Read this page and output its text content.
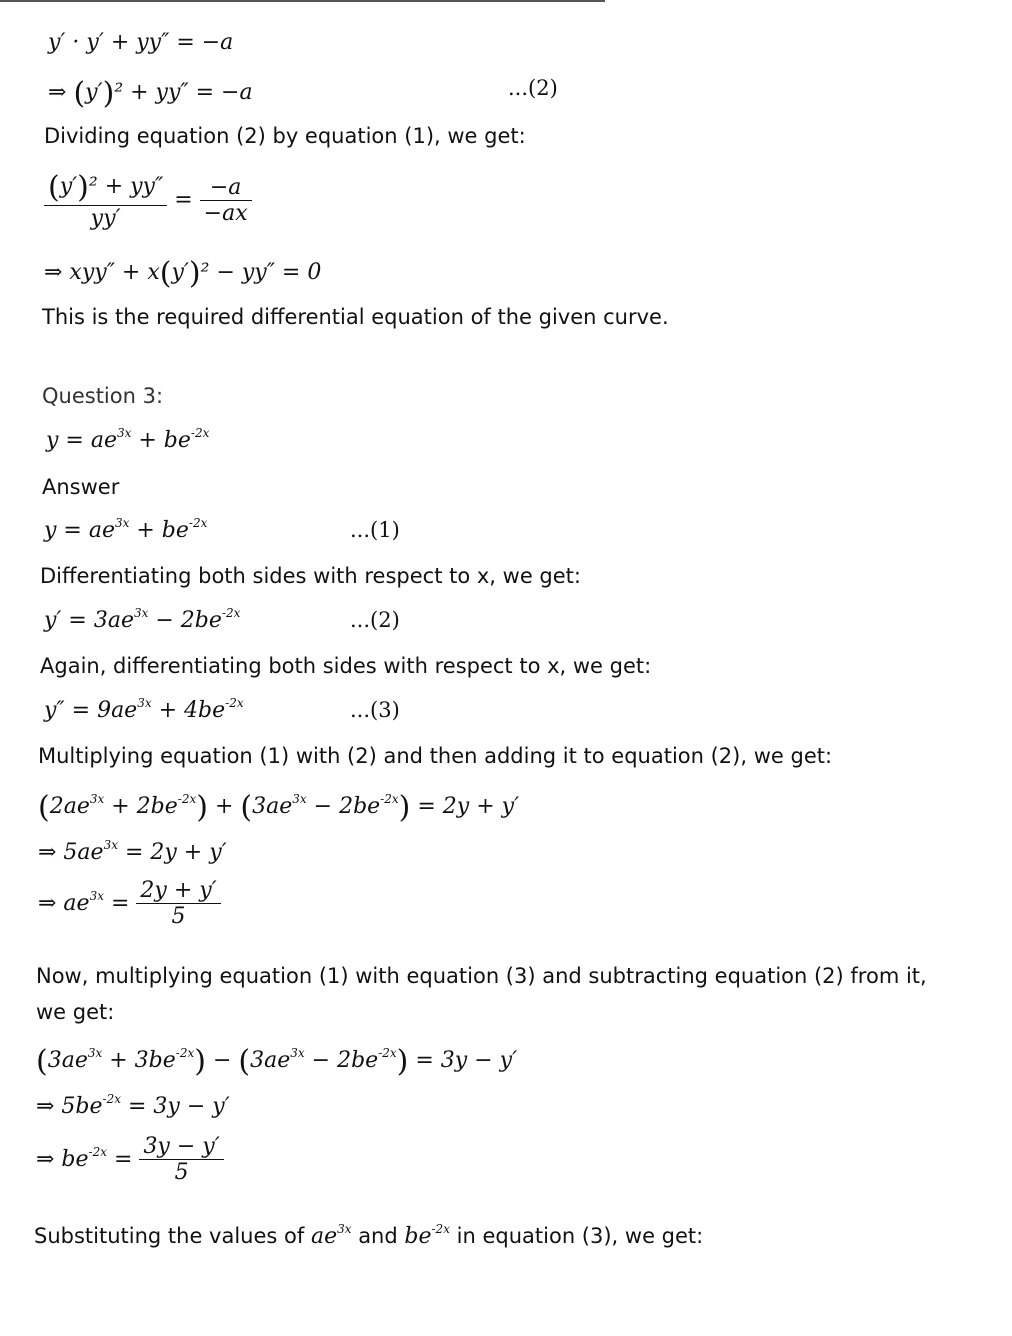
y′ · y′ + yy″ = −a
⇒ (y′)² + yy″ = −a	...(2)
Dividing equation (2) by equation (1), we get:
$\frac{\text{(y′)² + yy″}}{yy'} = \frac{-a}{-ax}$
⇒ xyy″ + x(y′)² − yy″ = 0
This is the required differential equation of the given curve.
Question 3:
$y = ae^{3x} + be^{-2x}$
Answer
$y = ae^{3x} + be^{-2x}$	...(1)
Differentiating both sides with respect to x, we get:
$y' = 3ae^{3x} - 2be^{-2x}$	...(2)
Again, differentiating both sides with respect to x, we get:
$y'' = 9ae^{3x} + 4be^{-2x}$	...(3)
Multiplying equation (1) with (2) and then adding it to equation (2), we get:
$(2ae^{3x} + 2be^{-2x}) + (3ae^{3x} - 2be^{-2x}) = 2y + y'$
⇒ $5ae^{3x} = 2y + y'$
⇒ $ae^{3x} = \frac{2y + y'}{5}$
Now, multiplying equation (1) with equation (3) and subtracting equation (2) from it,
we get:
$(3ae^{3x} + 3be^{-2x}) - (3ae^{3x} - 2be^{-2x}) = 3y - y'$
⇒ $5be^{-2x} = 3y - y'$
⇒ $be^{-2x} = \frac{3y - y'}{5}$
Substituting the values of $ae^{3x}$ and $be^{-2x}$ in equation (3), we get:
